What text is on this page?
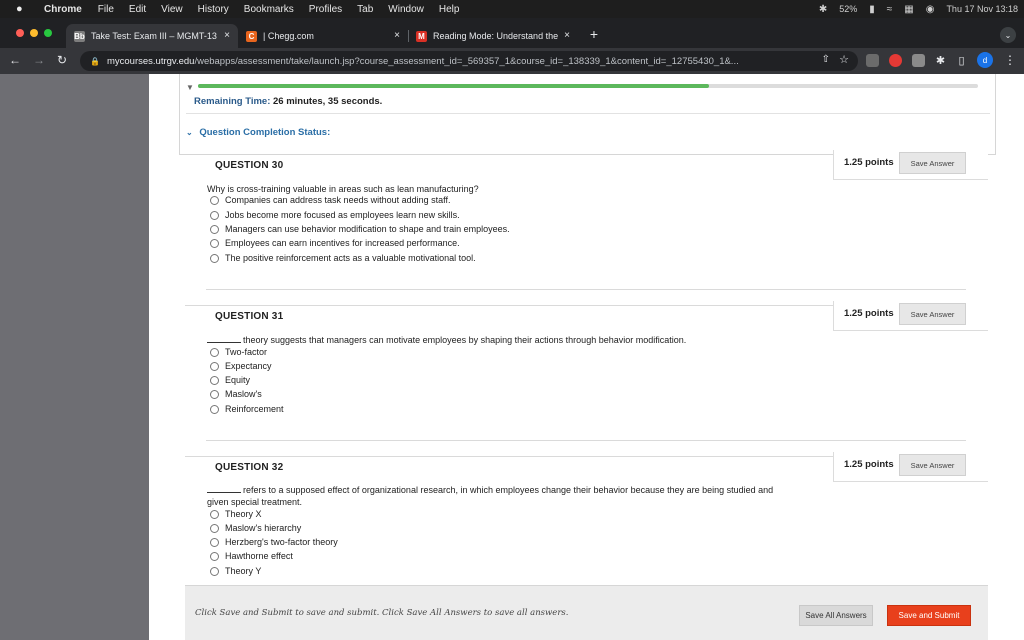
●	Chrome File Edit View History Bookmarks Profiles Tab Window Help	✱ 52% ▮ ≈ ▦ ◉ Thu 17 Nov 13:18
Bb Take Test: Exam III – MGMT-13 ×	C | Chegg.com	× M Reading Mode: Understand the × +	⌄
← → ↻	🔒 mycourses.utrgv.edu /webapps/assessment/take/launch.jsp?course_assessment_id=_569357_1&course_id=_138339_1&content_id=_12755430_1&...	⇧ ☆	✱	▯	d	⋮
▼
Remaining Time: 26 minutes, 35 seconds.
⌄ Question Completion Status:
QUESTION 30	1.25 points	Save Answer
Why is cross-training valuable in areas such as lean manufacturing?
Companies can address task needs without adding staff.
Jobs become more focused as employees learn new skills.
Managers can use behavior modification to shape and train employees.
Employees can earn incentives for increased performance.
The positive reinforcement acts as a valuable motivational tool.
QUESTION 31	1.25 points	Save Answer
theory suggests that managers can motivate employees by shaping their actions through behavior modification.
Two-factor
Expectancy
Equity
Maslow's
Reinforcement
QUESTION 32	1.25 points	Save Answer
refers to a supposed effect of organizational research, in which employees change their behavior because they are being studied and given special treatment.
Theory X
Maslow's hierarchy
Herzberg's two-factor theory
Hawthorne effect
Theory Y
Click Save and Submit to save and submit. Click Save All Answers to save all answers.	Save All Answers	Save and Submit
